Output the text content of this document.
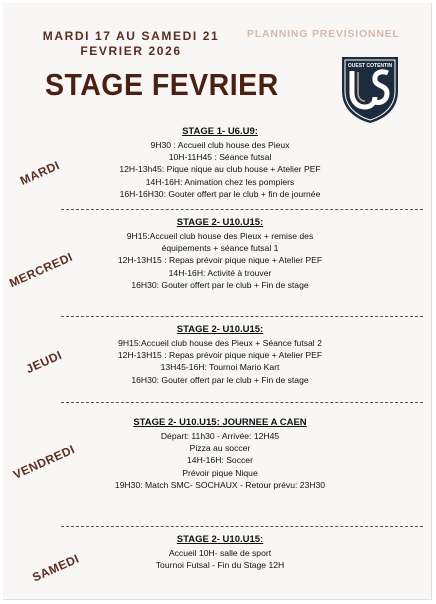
MARDI 17 AU SAMEDI 21
FEVRIER 2026
PLANNING PREVISIONNEL
STAGE FEVRIER
OUEST COTENTIN
MARDI
STAGE 1- U6.U9:
9H30 : Accueil club house des Pieux
10H-11H45 : Séance futsal
12H-13h45: Pique nique au club house + Atelier PEF
14H-16H: Animation chez les pompiers
16H-16H30: Gouter offert par le club + fin de journée
MERCREDI
STAGE 2- U10.U15:
9H15:Accueil club house des Pieux + remise des
équipements + séance futsal 1
12H-13H15 : Repas prévoir pique nique + Atelier PEF
14H-16H: Activité à trouver
16H30: Gouter offert par le club + Fin de stage
JEUDI
STAGE 2- U10.U15:
9H15:Accueil club house des Pieux + Séance futsal 2
12H-13H15 : Repas prévoir pique nique + Atelier PEF
13H45-16H: Tournoi Mario Kart
16H30: Gouter offert par le club + Fin de stage
VENDREDI
STAGE 2- U10.U15: JOURNEE A CAEN
Départ: 11h30 - Arrivée: 12H45
Pizza au soccer
14H-16H: Soccer
Prévoir pique Nique
19H30: Match SMC- SOCHAUX - Retour prévu: 23H30
SAMEDI
STAGE 2- U10.U15:
Accueil 10H- salle de sport
Tournoi Futsal - Fin du Stage 12H
